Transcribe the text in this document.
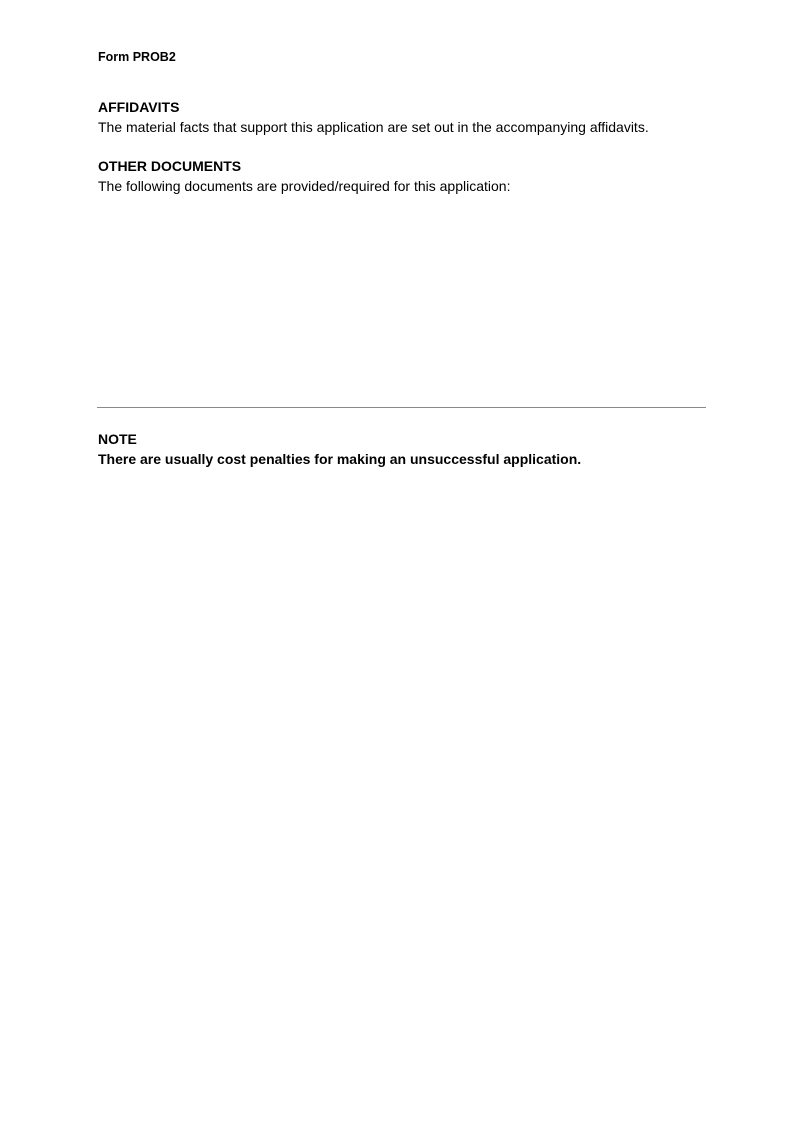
Form PROB2

AFFIDAVITS

The material facts that support this application are set out in the accompanying affidavits.

OTHER DOCUMENTS

The following documents are provided/required for this application:

NOTE

There are usually cost penalties for making an unsuccessful application.
